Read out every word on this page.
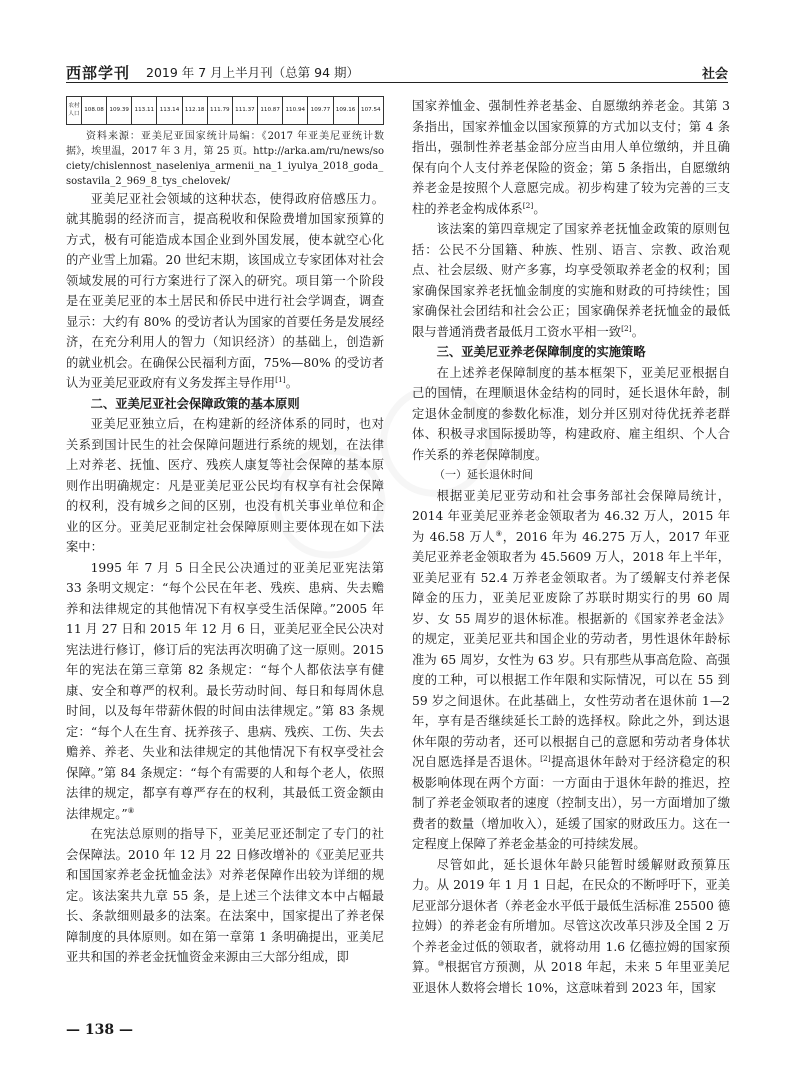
西部学刊 2019 年 7 月上半月刊（总第 94 期）	社会
农村人口	108.08	109.39	113.11	113.14	112.18	111.79	111.37	110.87	110.94	109.77	109.16	107.54

资料来源：亚美尼亚国家统计局编：《2017 年亚美尼亚统计数据》，埃里温，2017 年 3 月，第 25 页。http://arka.am/ru/news/society/chislennost_naseleniya_armenii_na_1_iyulya_2018_goda_sostavila_2_969_8_tys_chelovek/

亚美尼亚社会领域的这种状态，使得政府倍感压力。就其脆弱的经济而言，提高税收和保险费增加国家预算的方式，极有可能造成本国企业到外国发展，使本就空心化的产业雪上加霜。20 世纪末期，该国成立专家团体对社会领域发展的可行方案进行了深入的研究。项目第一个阶段是在亚美尼亚的本土居民和侨民中进行社会学调查，调查显示：大约有 80% 的受访者认为国家的首要任务是发展经济，在充分利用人的智力（知识经济）的基础上，创造新的就业机会。在确保公民福利方面，75%—80% 的受访者认为亚美尼亚政府有义务发挥主导作用[1]。

二、亚美尼亚社会保障政策的基本原则

亚美尼亚独立后，在构建新的经济体系的同时，也对关系到国计民生的社会保障问题进行系统的规划，在法律上对养老、抚恤、医疗、残疾人康复等社会保障的基本原则作出明确规定：凡是亚美尼亚公民均有权享有社会保障的权利，没有城乡之间的区别，也没有机关事业单位和企业的区分。亚美尼亚制定社会保障原则主要体现在如下法案中：

1995 年 7 月 5 日全民公决通过的亚美尼亚宪法第 33 条明文规定：“每个公民在年老、残疾、患病、失去赡养和法律规定的其他情况下有权享受生活保障。”2005 年 11 月 27 日和 2015 年 12 月 6 日，亚美尼亚全民公决对宪法进行修订，修订后的宪法再次明确了这一原则。2015 年的宪法在第三章第 82 条规定：“每个人都依法享有健康、安全和尊严的权利。最长劳动时间、每日和每周休息时间，以及每年带薪休假的时间由法律规定。”第 83 条规定：“每个人在生育、抚养孩子、患病、残疾、工伤、失去赡养、养老、失业和法律规定的其他情况下有权享受社会保障。”第 84 条规定：“每个有需要的人和每个老人，依照法律的规定，都享有尊严存在的权利，其最低工资金额由法律规定。”⑧

在宪法总原则的指导下，亚美尼亚还制定了专门的社会保障法。2010 年 12 月 22 日修改增补的《亚美尼亚共和国国家养老金抚恤金法》对养老保障作出较为详细的规定。该法案共九章 55 条，是上述三个法律文本中占幅最长、条款细则最多的法案。在法案中，国家提出了养老保障制度的具体原则。如在第一章第 1 条明确提出，亚美尼亚共和国的养老金抚恤资金来源由三大部分组成，即

国家养恤金、强制性养老基金、自愿缴纳养老金。其第 3 条指出，国家养恤金以国家预算的方式加以支付；第 4 条指出，强制性养老基金部分应当由用人单位缴纳，并且确保有向个人支付养老保险的资金；第 5 条指出，自愿缴纳养老金是按照个人意愿完成。初步构建了较为完善的三支柱的养老金构成体系[2]。

该法案的第四章规定了国家养老抚恤金政策的原则包括：公民不分国籍、种族、性别、语言、宗教、政治观点、社会层级、财产多寡，均享受领取养老金的权利；国家确保国家养老抚恤金制度的实施和财政的可持续性；国家确保社会团结和社会公正；国家确保养老抚恤金的最低限与普通消费者最低月工资水平相一致[2]。

三、亚美尼亚养老保障制度的实施策略

在上述养老保障制度的基本框架下，亚美尼亚根据自己的国情，在理顺退休金结构的同时，延长退休年龄，制定退休金制度的参数化标准，划分并区别对待优抚养老群体、积极寻求国际援助等，构建政府、雇主组织、个人合作关系的养老保障制度。

（一）延长退休时间

根据亚美尼亚劳动和社会事务部社会保障局统计，2014 年亚美尼亚养老金领取者为 46.32 万人，2015 年为 46.58 万人⑨，2016 年为 46.275 万人，2017 年亚美尼亚养老金领取者为 45.5609 万人，2018 年上半年，亚美尼亚有 52.4 万养老金领取者。为了缓解支付养老保障金的压力，亚美尼亚废除了苏联时期实行的男 60 周岁、女 55 周岁的退休标准。根据新的《国家养老金法》的规定，亚美尼亚共和国企业的劳动者，男性退休年龄标准为 65 周岁，女性为 63 岁。只有那些从事高危险、高强度的工种，可以根据工作年限和实际情况，可以在 55 到 59 岁之间退休。在此基础上，女性劳动者在退休前 1—2 年，享有是否继续延长工龄的选择权。除此之外，到达退休年限的劳动者，还可以根据自己的意愿和劳动者身体状况自愿选择是否退休。[2]提高退休年龄对于经济稳定的积极影响体现在两个方面：一方面由于退休年龄的推迟，控制了养老金领取者的速度（控制支出），另一方面增加了缴费者的数量（增加收入），延缓了国家的财政压力。这在一定程度上保障了养老金基金的可持续发展。

尽管如此，延长退休年龄只能暂时缓解财政预算压力。从 2019 年 1 月 1 日起，在民众的不断呼吁下，亚美尼亚部分退休者（养老金水平低于最低生活标准 25500 德拉姆）的养老金有所增加。尽管这次改革只涉及全国 2 万个养老金过低的领取者，就将动用 1.6 亿德拉姆的国家预算。⑩根据官方预测，从 2018 年起，未来 5 年里亚美尼亚退休人数将会增长 10%，这意味着到 2023 年，国家

— 138 —
